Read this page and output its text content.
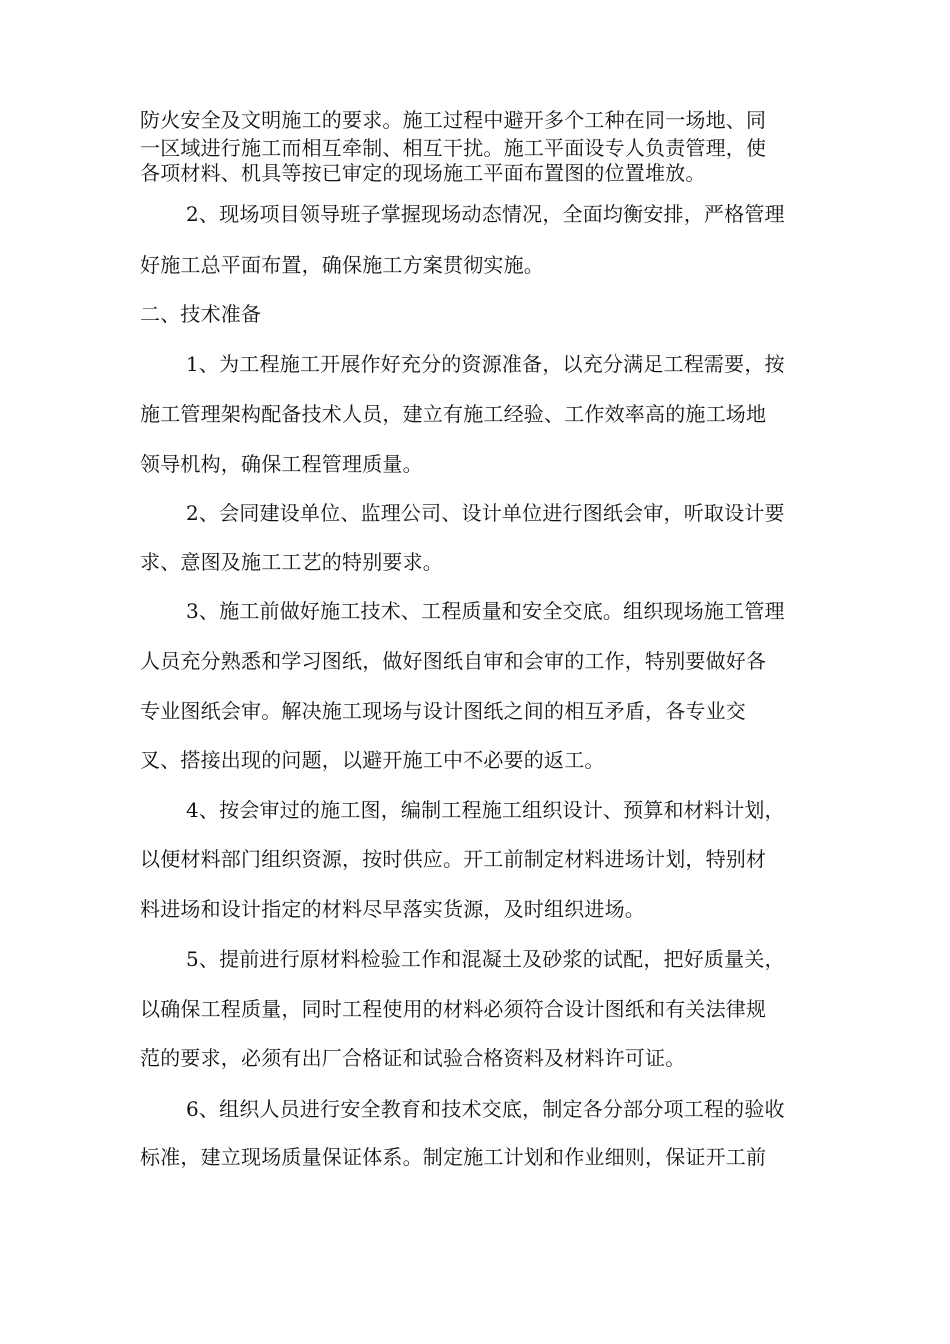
防火安全及文明施工的要求。施工过程中避开多个工种在同一场地、同
一区域进行施工而相互牵制、相互干扰。施工平面设专人负责管理，使
各项材料、机具等按已审定的现场施工平面布置图的位置堆放。
2、现场项目领导班子掌握现场动态情况，全面均衡安排，严格管理
好施工总平面布置，确保施工方案贯彻实施。
二、技术准备
1、为工程施工开展作好充分的资源准备，以充分满足工程需要，按
施工管理架构配备技术人员，建立有施工经验、工作效率高的施工场地
领导机构，确保工程管理质量。
2、会同建设单位、监理公司、设计单位进行图纸会审，听取设计要
求、意图及施工工艺的特别要求。
3、施工前做好施工技术、工程质量和安全交底。组织现场施工管理
人员充分熟悉和学习图纸，做好图纸自审和会审的工作，特别要做好各
专业图纸会审。解决施工现场与设计图纸之间的相互矛盾，各专业交
叉、搭接出现的问题，以避开施工中不必要的返工。
4、按会审过的施工图，编制工程施工组织设计、预算和材料计划，
以便材料部门组织资源，按时供应。开工前制定材料进场计划，特别材
料进场和设计指定的材料尽早落实货源，及时组织进场。
5、提前进行原材料检验工作和混凝土及砂浆的试配，把好质量关，
以确保工程质量，同时工程使用的材料必须符合设计图纸和有关法律规
范的要求，必须有出厂合格证和试验合格资料及材料许可证。
6、组织人员进行安全教育和技术交底，制定各分部分项工程的验收
标准，建立现场质量保证体系。制定施工计划和作业细则，保证开工前
